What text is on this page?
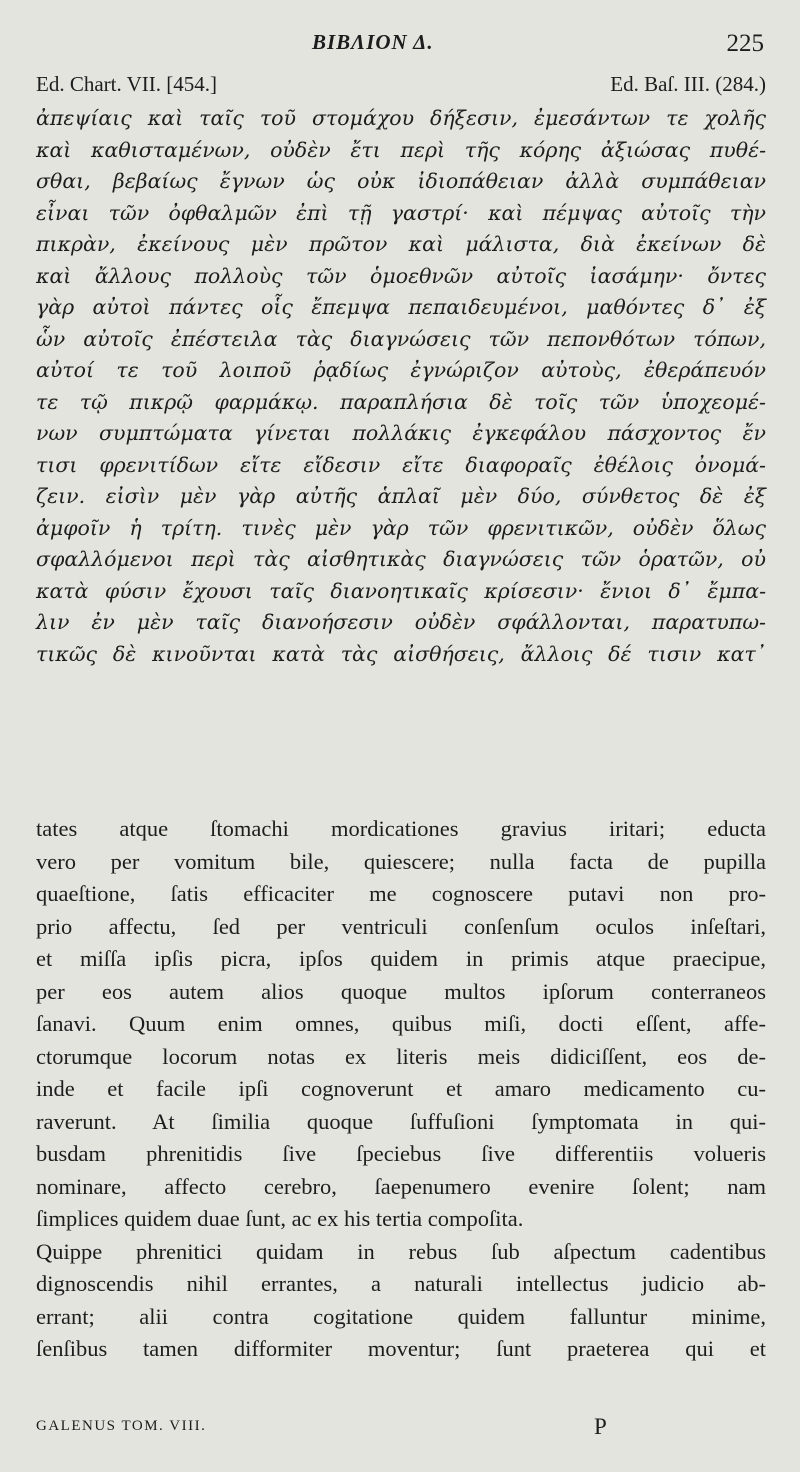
BIBΛΙΟΝ Δ.	225
Ed. Chart. VII. [454.]	Ed. Baſ. III. (284.)
ἀπεψίαις καὶ ταῖς τοῦ στομάχου δήξεσιν, ἐμεσάντων τε χολῆς
καὶ καθισταμένων, οὐδὲν ἔτι περὶ τῆς κόρης ἀξιώσας πυθέ-
σθαι, βεβαίως ἔγνων ὡς οὐκ ἰδιοπάθειαν ἀλλὰ συμπάθειαν
εἶναι τῶν ὀφθαλμῶν ἐπὶ τῇ γαστρί· καὶ πέμψας αὐτοῖς τὴν
πικρὰν, ἐκείνους μὲν πρῶτον καὶ μάλιστα, διὰ ἐκείνων δὲ
καὶ ἄλλους πολλοὺς τῶν ὁμοεθνῶν αὐτοῖς ἰασάμην· ὄντες
γὰρ αὐτοὶ πάντες οἷς ἔπεμψα πεπαιδευμένοι, μαθόντες δ᾽ ἐξ
ὧν αὐτοῖς ἐπέστειλα τὰς διαγνώσεις τῶν πεπονθότων τόπων,
αὐτοί τε τοῦ λοιποῦ ῥᾳδίως ἐγνώριζον αὐτοὺς, ἐθεράπευόν
τε τῷ πικρῷ φαρμάκῳ. παραπλήσια δὲ τοῖς τῶν ὑποχεομέ-
νων συμπτώματα γίνεται πολλάκις ἐγκεφάλου πάσχοντος ἔν
τισι φρενιτίδων εἴτε εἴδεσιν εἴτε διαφοραῖς ἐθέλοις ὀνομά-
ζειν. εἰσὶν μὲν γὰρ αὐτῆς ἁπλαῖ μὲν δύο, σύνθετος δὲ ἐξ
ἀμφοῖν ἡ τρίτη. τινὲς μὲν γὰρ τῶν φρενιτικῶν, οὐδὲν ὅλως
σφαλλόμενοι περὶ τὰς αἰσθητικὰς διαγνώσεις τῶν ὁρατῶν, οὐ
κατὰ φύσιν ἔχουσι ταῖς διανοητικαῖς κρίσεσιν· ἔνιοι δ᾽ ἔμπα-
λιν ἐν μὲν ταῖς διανοήσεσιν οὐδὲν σφάλλονται, παρατυπω-
τικῶς δὲ κινοῦνται κατὰ τὰς αἰσθήσεις, ἄλλοις δέ τισιν κατ᾽
tates atque ſtomachi mordicationes gravius iritari; educta
vero per vomitum bile, quiescere; nulla facta de pupilla
quaeſtione, ſatis efficaciter me cognoscere putavi non pro-
prio affectu, ſed per ventriculi conſenſum oculos inſeſtari,
et miſſa ipſis picra, ipſos quidem in primis atque praecipue,
per eos autem alios quoque multos ipſorum conterraneos
ſanavi. Quum enim omnes, quibus miſi, docti eſſent, affe-
ctorumque locorum notas ex literis meis didiciſſent, eos de-
inde et facile ipſi cognoverunt et amaro medicamento cu-
raverunt. At ſimilia quoque ſuffuſioni ſymptomata in qui-
busdam phrenitidis ſive ſpeciebus ſive differentiis volueris
nominare, affecto cerebro, ſaepenumero evenire ſolent; nam
ſimplices quidem duae ſunt, ac ex his tertia compoſita.
Quippe phrenitici quidam in rebus ſub aſpectum cadentibus
dignoscendis nihil errantes, a naturali intellectus judicio ab-
errant; alii contra cogitatione quidem falluntur minime,
ſenſibus tamen difformiter moventur; ſunt praeterea qui et
GALENUS TOM. VIII.	P
